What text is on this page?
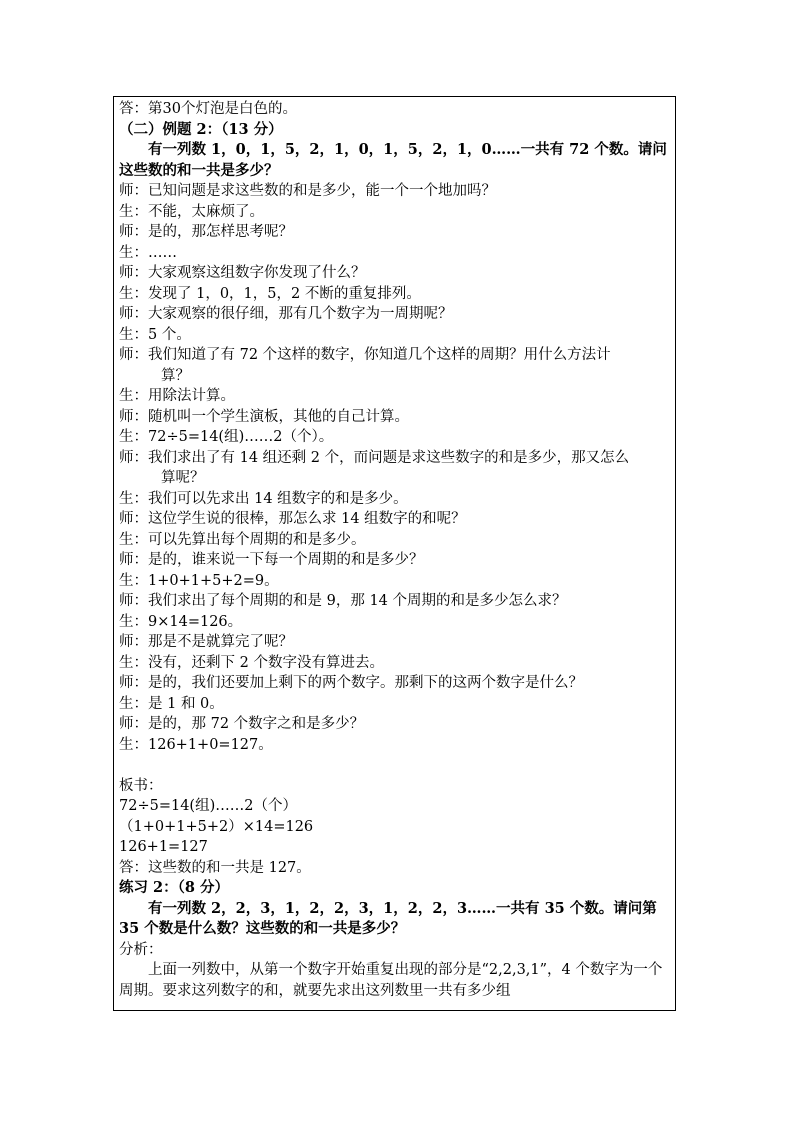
答：第30个灯泡是白色的。
（二）例题 2：（13 分）
有一列数 1，0，1，5，2，1，0，1，5，2，1，0……一共有 72 个数。请问这些数的和一共是多少？
师：已知问题是求这些数的和是多少，能一个一个地加吗？
生：不能，太麻烦了。
师：是的，那怎样思考呢？
生：……
师：大家观察这组数字你发现了什么？
生：发现了 1，0，1，5，2 不断的重复排列。
师：大家观察的很仔细，那有几个数字为一周期呢？
生：5 个。
师：我们知道了有 72 个这样的数字，你知道几个这样的周期？用什么方法计
算？
生：用除法计算。
师：随机叫一个学生演板，其他的自己计算。
生：72÷5=14(组)……2（个）。
师：我们求出了有 14 组还剩 2 个，而问题是求这些数字的和是多少，那又怎么
算呢？
生：我们可以先求出 14 组数字的和是多少。
师：这位学生说的很棒，那怎么求 14 组数字的和呢？
生：可以先算出每个周期的和是多少。
师：是的，谁来说一下每一个周期的和是多少？
生：1+0+1+5+2=9。
师：我们求出了每个周期的和是 9，那 14 个周期的和是多少怎么求？
生：9×14=126。
师：那是不是就算完了呢？
生：没有，还剩下 2 个数字没有算进去。
师：是的，我们还要加上剩下的两个数字。那剩下的这两个数字是什么？
生：是 1 和 0。
师：是的，那 72 个数字之和是多少？
生：126+1+0=127。
板书：
72÷5=14(组)……2（个）
（1+0+1+5+2）×14=126
126+1=127
答：这些数的和一共是 127。
练习 2：（8 分）
有一列数 2，2，3，1，2，2，3，1，2，2，3……一共有 35 个数。请问第 35 个数是什么数？这些数的和一共是多少？
分析：
上面一列数中，从第一个数字开始重复出现的部分是“2,2,3,1”，4 个数字为一个周期。要求这列数字的和，就要先求出这列数里一共有多少组
